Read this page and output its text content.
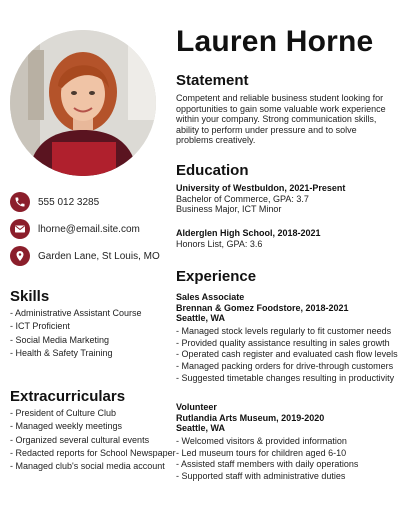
Lauren Horne
Statement
Competent and reliable business student looking for
opportunities to gain some valuable work experience
within your company. Strong communication skills,
ability to perform under pressure and to solve
problems creatively.
Education
University of Westbuldon, 2021-Present
Bachelor of Commerce, GPA: 3.7
Business Major, ICT Minor
Alderglen High School, 2018-2021
Honors List, GPA: 3.6
555 012 3285
lhorne@email.site.com
Garden Lane, St Louis, MO
Skills
- Administrative Assistant Course
- ICT Proficient
- Social Media Marketing
- Health & Safety Training
Extracurriculars
- President of Culture Club
- Managed weekly meetings
- Organized several cultural events
- Redacted reports for School Newspaper
- Managed club's social media account
Experience
Sales Associate
Brennan & Gomez Foodstore, 2018-2021
Seattle, WA
- Managed stock levels regularly to fit customer needs
- Provided quality assistance resulting in sales growth
- Operated cash register and evaluated cash flow levels
- Managed packing orders for drive-through customers
- Suggested timetable changes resulting in productivity
Volunteer
Rutlandia Arts Museum, 2019-2020
Seattle, WA
- Welcomed visitors & provided information
- Led museum tours for children aged 6-10
- Assisted staff members with daily operations
- Supported staff with administrative duties
